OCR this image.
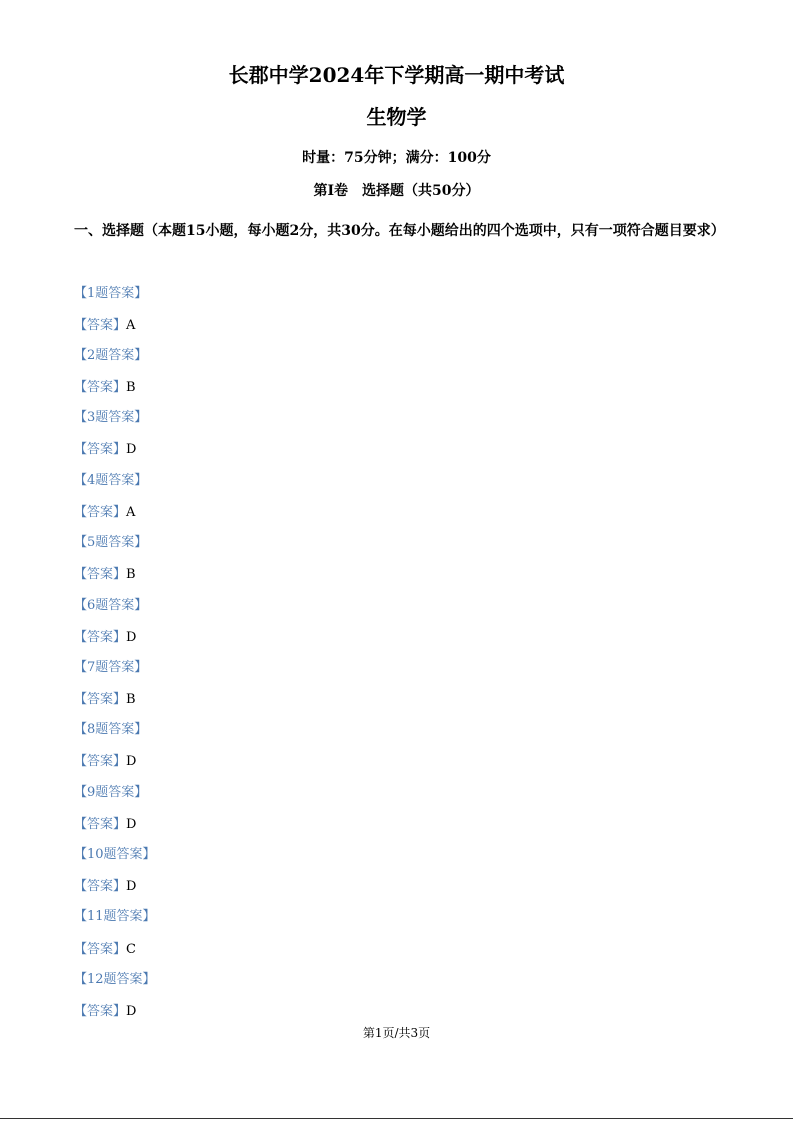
长郡中学2024年下学期高一期中考试
生物学
时量：75分钟；满分：100分
第Ⅰ卷 选择题（共50分）
一、选择题（本题15小题，每小题2分，共30分。在每小题给出的四个选项中，只有一项符合题目要求）
【1题答案】
【答案】A
【2题答案】
【答案】B
【3题答案】
【答案】D
【4题答案】
【答案】A
【5题答案】
【答案】B
【6题答案】
【答案】D
【7题答案】
【答案】B
【8题答案】
【答案】D
【9题答案】
【答案】D
【10题答案】
【答案】D
【11题答案】
【答案】C
【12题答案】
【答案】D
第1页/共3页
